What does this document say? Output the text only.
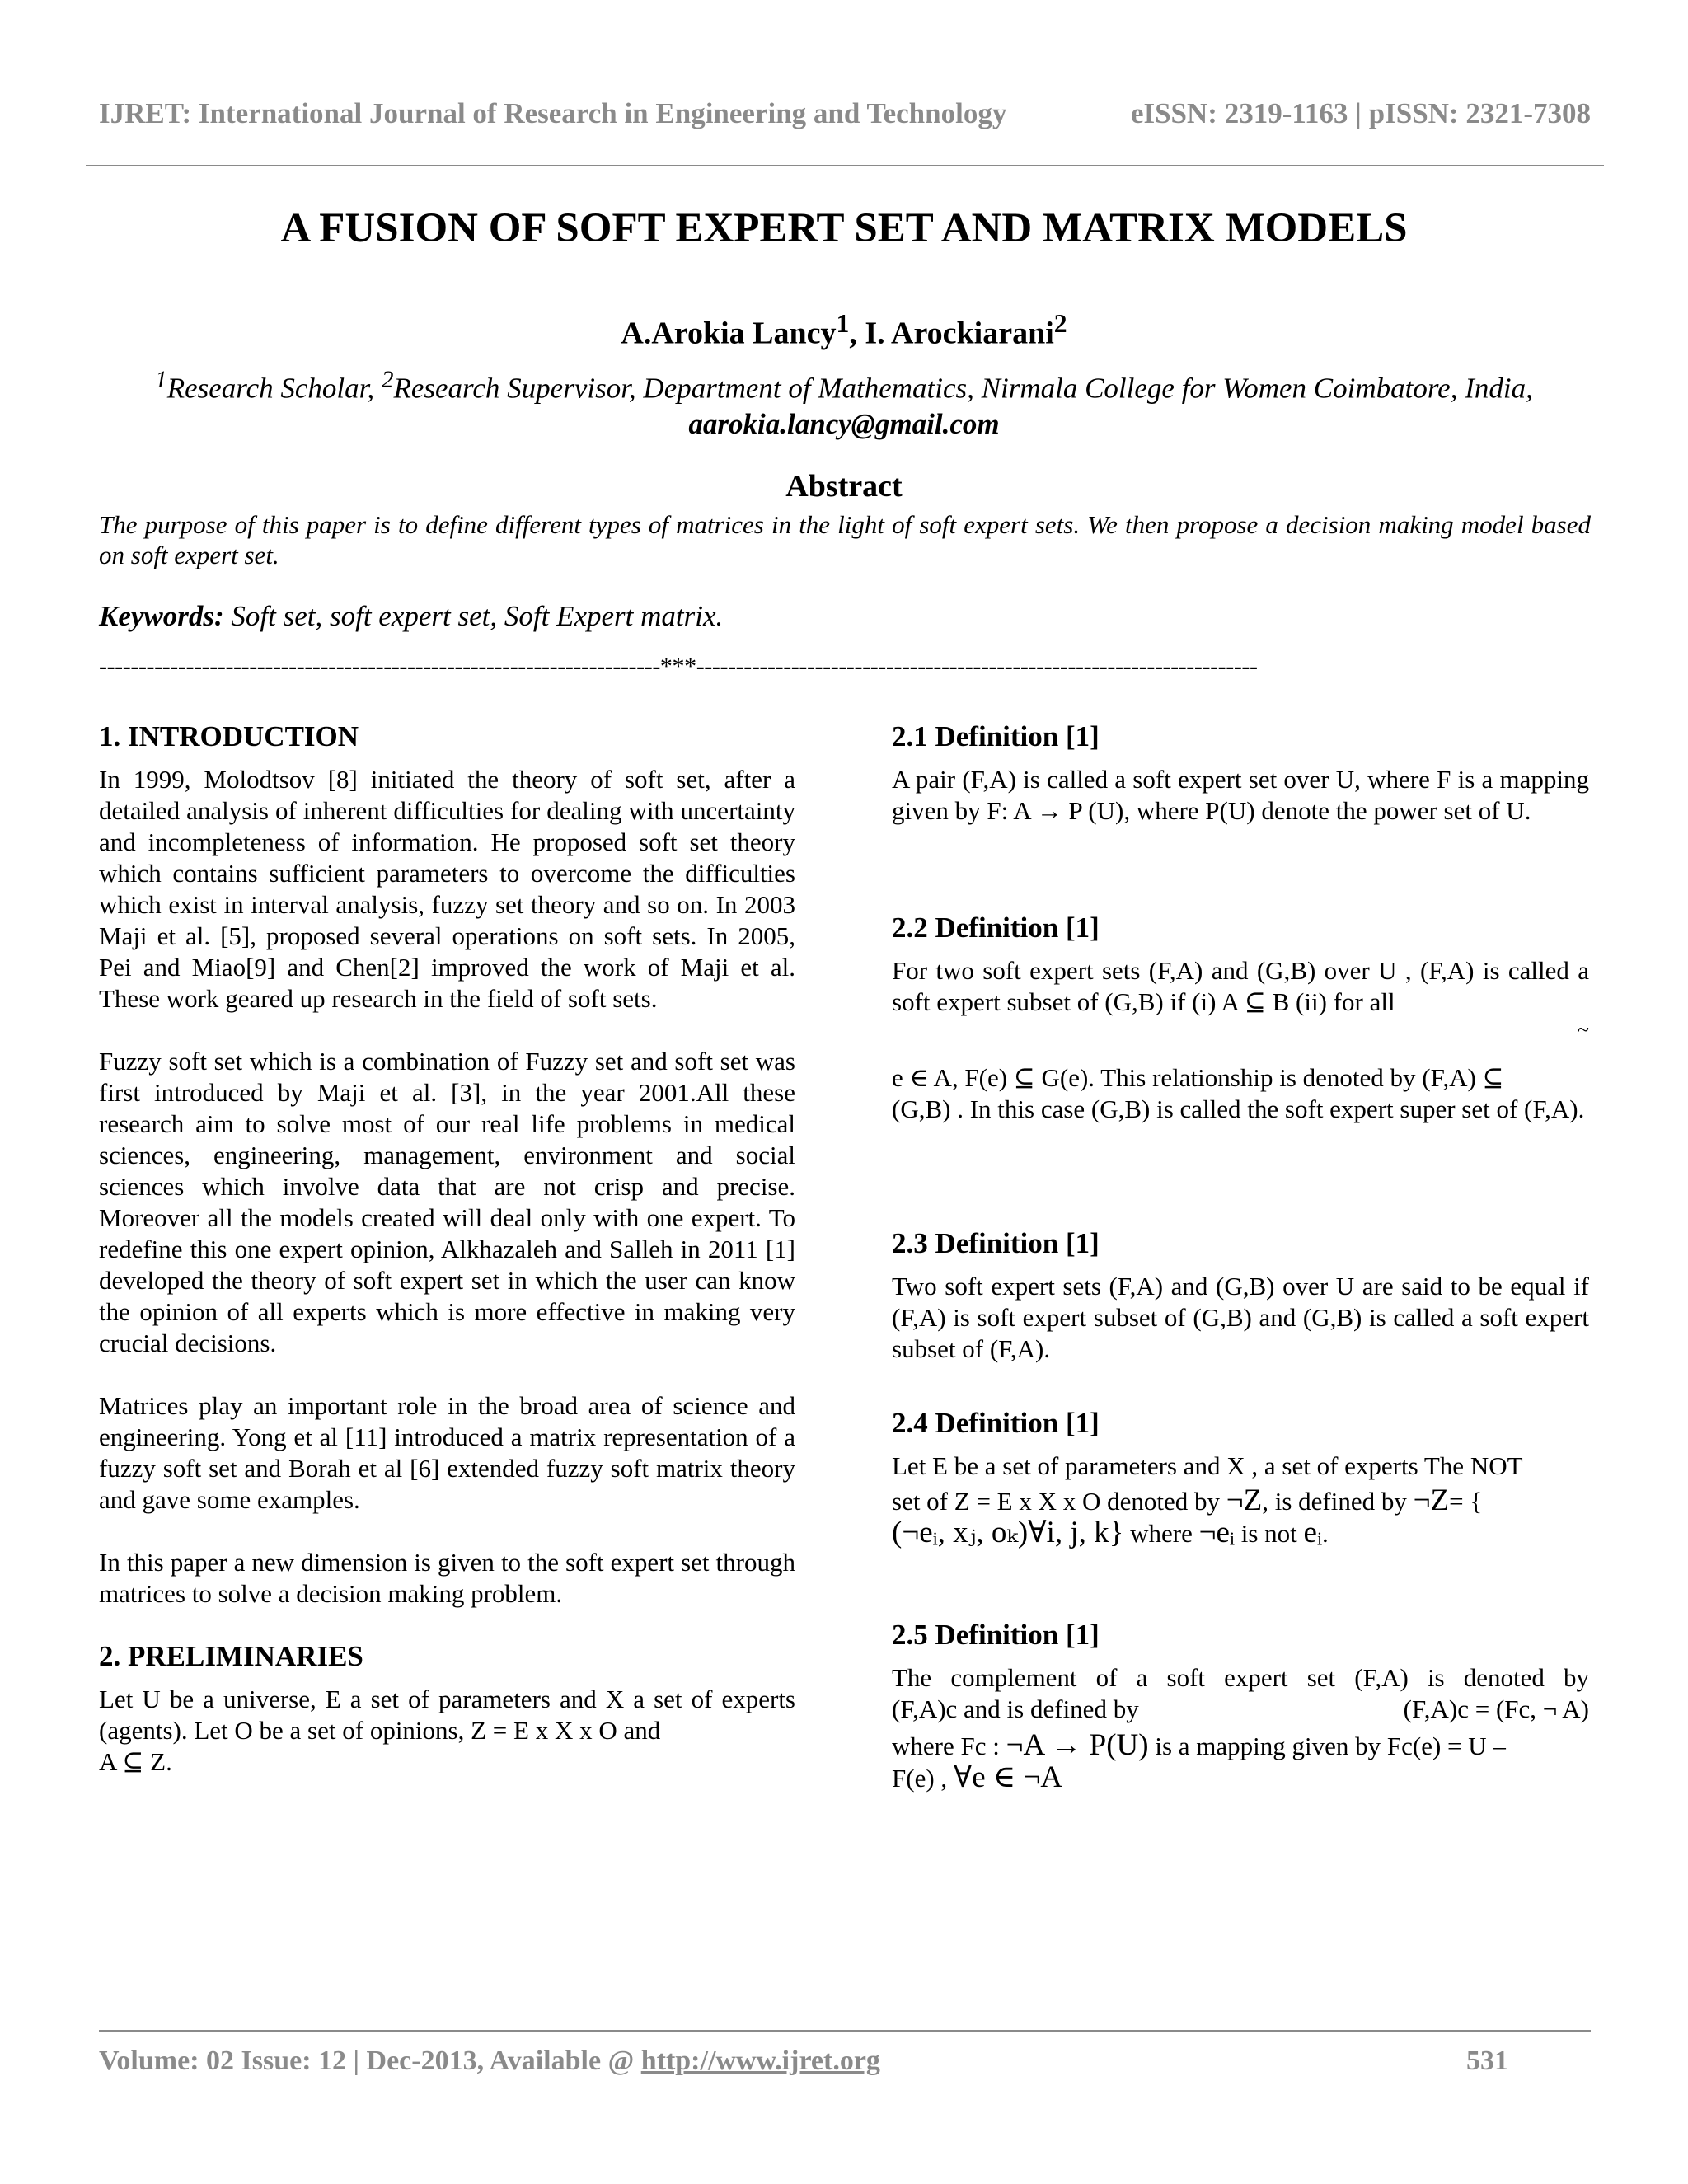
IJRET: International Journal of Research in Engineering and Technology	eISSN: 2319-1163 | pISSN: 2321-7308
A FUSION OF SOFT EXPERT SET AND MATRIX MODELS
A.Arokia Lancy$^1$, I. Arockiarani$^2$
$^1$Research Scholar, $^2$Research Supervisor, Department of Mathematics, Nirmala College for Women Coimbatore, India,
aarokia.lancy@gmail.com
Abstract
The purpose of this paper is to define different types of matrices in the light of soft expert sets. We then propose a decision making model based on soft expert set.
Keywords: Soft set, soft expert set, Soft Expert matrix.
-----------------------------------------------------------------------***-----------------------------------------------------------------------
1. INTRODUCTION

In 1999, Molodtsov [8] initiated the theory of soft set, after a detailed analysis of inherent difficulties for dealing with uncertainty and incompleteness of information. He proposed soft set theory which contains sufficient parameters to overcome the difficulties which exist in interval analysis, fuzzy set theory and so on. In 2003 Maji et al. [5], proposed several operations on soft sets. In 2005, Pei and Miao[9] and Chen[2] improved the work of Maji et al. These work geared up research in the field of soft sets.

Fuzzy soft set which is a combination of Fuzzy set and soft set was first introduced by Maji et al. [3], in the year 2001.All these research aim to solve most of our real life problems in medical sciences, engineering, management, environment and social sciences which involve data that are not crisp and precise. Moreover all the models created will deal only with one expert. To redefine this one expert opinion, Alkhazaleh and Salleh in 2011 [1] developed the theory of soft expert set in which the user can know the opinion of all experts which is more effective in making very crucial decisions.

Matrices play an important role in the broad area of science and engineering. Yong et al [11] introduced a matrix representation of a fuzzy soft set and Borah et al [6] extended fuzzy soft matrix theory and gave some examples.

In this paper a new dimension is given to the soft expert set through matrices to solve a decision making problem.

2. PRELIMINARIES

Let U be a universe, E a set of parameters and X a set of experts (agents). Let O be a set of opinions, Z = E x X x O and
A ⊆ Z.

2.1 Definition [1]

A pair (F,A) is called a soft expert set over U, where F is a mapping given by F: A → P (U), where P(U) denote the power set of U.

2.2 Definition [1]

For two soft expert sets (F,A) and (G,B) over U , (F,A) is called a soft expert subset of (G,B) if (i) A ⊆ B (ii) for all

~
e ∈ A, F(e) ⊆ G(e). This relationship is denoted by (F,A) ⊆
(G,B) . In this case (G,B) is called the soft expert super set of (F,A).
2.3 Definition [1]

Two soft expert sets (F,A) and (G,B) over U are said to be equal if (F,A) is soft expert subset of (G,B) and (G,B) is called a soft expert subset of (F,A).

2.4 Definition [1]
Let E be a set of parameters and X , a set of experts The NOT
set of Z = E x X x O denoted by ¬Z, is defined by ¬Z= {
(¬eᵢ, xⱼ, oₖ)∀i, j, k} where ¬eᵢ is not eᵢ.
2.5 Definition [1]
The complement of a soft expert set (F,A) is denoted by
(F,A)c and is defined by	(F,A)c = (Fc, ¬ A)
where Fc : ¬A → P(U) is a mapping given by Fc(e) = U –
F(e) , ∀e ∈ ¬A
Volume: 02 Issue: 12 | Dec-2013, Available @ http://www.ijret.org	531
